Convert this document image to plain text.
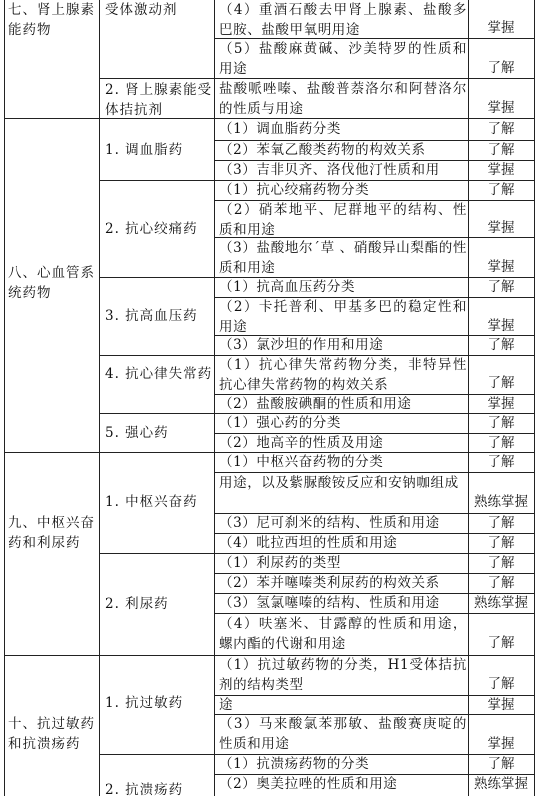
七、肾上腺素能药物
八、心血管系统药物
九、中枢兴奋药和利尿药
十、抗过敏药和抗溃疡药
受体激动剂
2. 肾上腺素能受体拮抗剂
1. 调血脂药
2. 抗心绞痛药
3. 抗高血压药
4. 抗心律失常药
5. 强心药
1. 中枢兴奋药
2. 利尿药
1. 抗过敏药
2. 抗溃疡药
（4）重酒石酸去甲肾上腺素、盐酸多巴胺、盐酸甲氧明用途
（5）盐酸麻黄碱、沙美特罗的性质和用途
盐酸哌唑嗪、盐酸普萘洛尔和阿替洛尔的性质与用途
（1）调血脂药分类
（2）苯氧乙酸类药物的构效关系
（3）吉非贝齐、洛伐他汀性质和用
（1）抗心绞痛药物分类
（2）硝苯地平、尼群地平的结构、性质和用途
（3）盐酸地尔ˊ草 、硝酸异山梨酯的性质和用途
（1）抗高血压药分类
（2）卡托普利、甲基多巴的稳定性和用途
（3）氯沙坦的作用和用途
（1）抗心律失常药物分类，非特异性抗心律失常药物的构效关系
（2）盐酸胺碘酮的性质和用途
（1）强心药的分类
（2）地高辛的性质及用途
（1）中枢兴奋药物的分类
用途，以及紫脲酸铵反应和安钠咖组成
（3）尼可刹米的结构、性质和用途
（4）吡拉西坦的性质和用途
（1）利尿药的类型
（2）苯并噻嗪类利尿药的构效关系
（3）氢氯噻嗪的结构、性质和用途
（4）呋塞米、甘露醇的性质和用途，螺内酯的代谢和用途
（1）抗过敏药物的分类，H1受体拮抗剂的结构类型
途
（3）马来酸氯苯那敏、盐酸赛庚啶的性质和用途
（1）抗溃疡药物的分类
（2）奥美拉唑的性质和用途
掌握
了解
掌握
了解
了解
掌握
了解
掌握
掌握
了解
掌握
了解
了解
掌握
了解
了解
了解
熟练掌握
了解
了解
了解
了解
熟练掌握
了解
了解
掌握
掌握
了解
熟练掌握
